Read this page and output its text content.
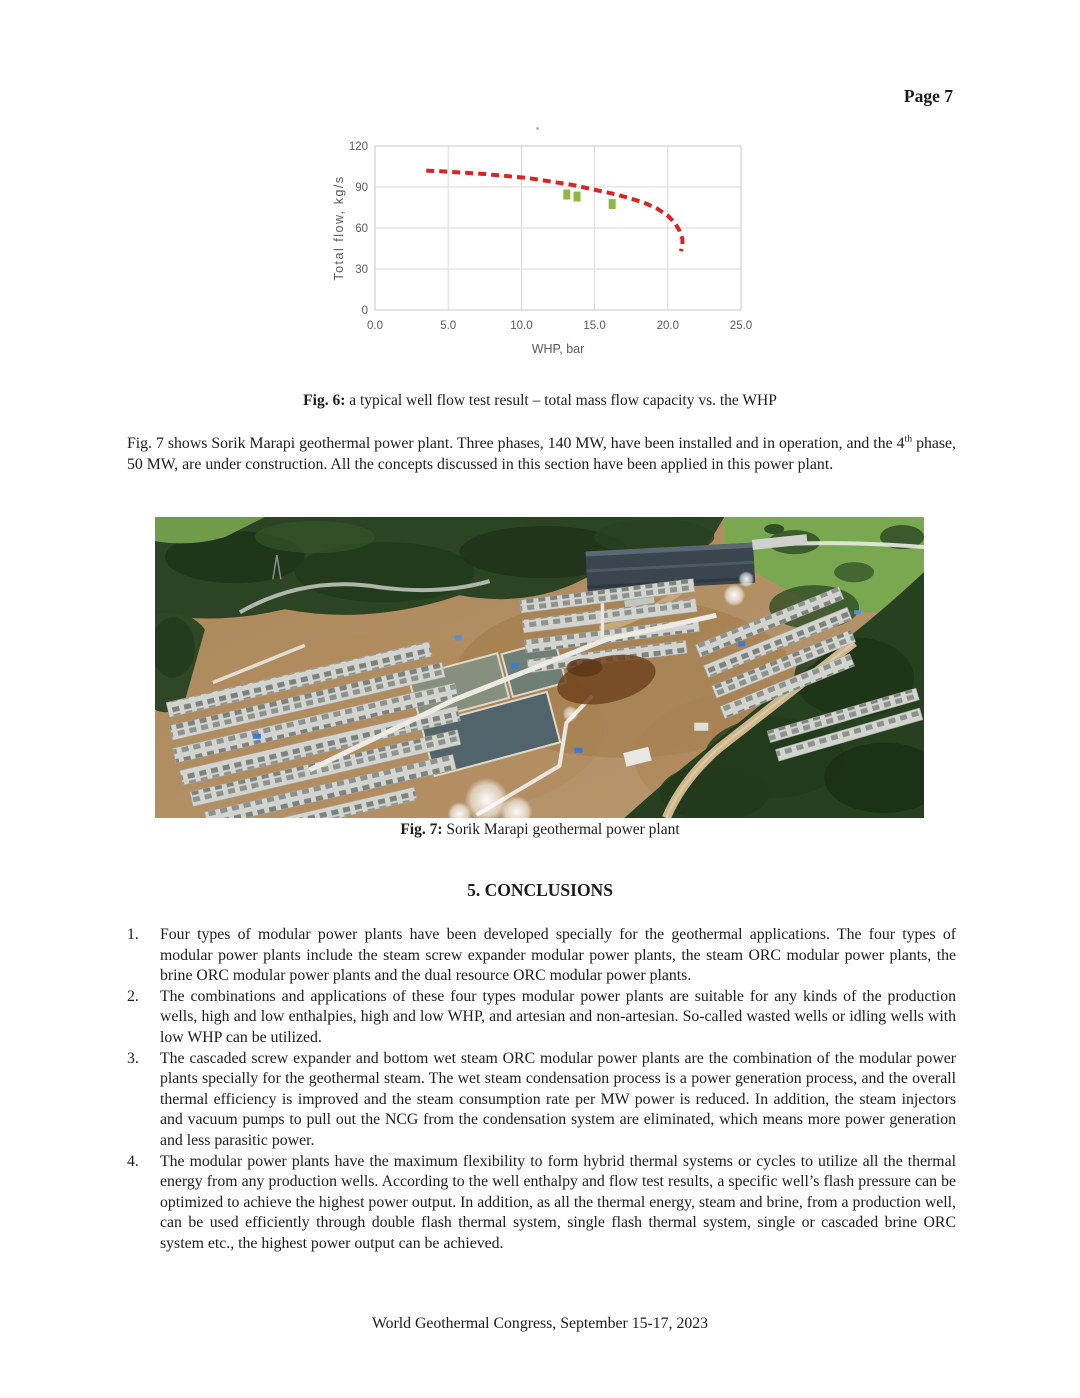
Page 7
0.0	5.0	10.0	15.0	20.0	25.0
0
30
60
90
120
WHP, bar
Total flow, kg/s
Fig. 6: a typical well flow test result – total mass flow capacity vs. the WHP

Fig. 7 shows Sorik Marapi geothermal power plant. Three phases, 140 MW, have been installed and in operation, and the 4th phase, 50 MW, are under construction. All the concepts discussed in this section have been applied in this power plant.

Fig. 7: Sorik Marapi geothermal power plant
5. CONCLUSIONS
1.	Four types of modular power plants have been developed specially for the geothermal applications. The four types of modular power plants include the steam screw expander modular power plants, the steam ORC modular power plants, the brine ORC modular power plants and the dual resource ORC modular power plants.
2.	The combinations and applications of these four types modular power plants are suitable for any kinds of the production wells, high and low enthalpies, high and low WHP, and artesian and non-artesian. So-called wasted wells or idling wells with low WHP can be utilized.
3.	The cascaded screw expander and bottom wet steam ORC modular power plants are the combination of the modular power plants specially for the geothermal steam. The wet steam condensation process is a power generation process, and the overall thermal efficiency is improved and the steam consumption rate per MW power is reduced. In addition, the steam injectors and vacuum pumps to pull out the NCG from the condensation system are eliminated, which means more power generation and less parasitic power.
4.	The modular power plants have the maximum flexibility to form hybrid thermal systems or cycles to utilize all the thermal energy from any production wells. According to the well enthalpy and flow test results, a specific well’s flash pressure can be optimized to achieve the highest power output. In addition, as all the thermal energy, steam and brine, from a production well, can be used efficiently through double flash thermal system, single flash thermal system, single or cascaded brine ORC system etc., the highest power output can be achieved.
World Geothermal Congress, September 15-17, 2023
